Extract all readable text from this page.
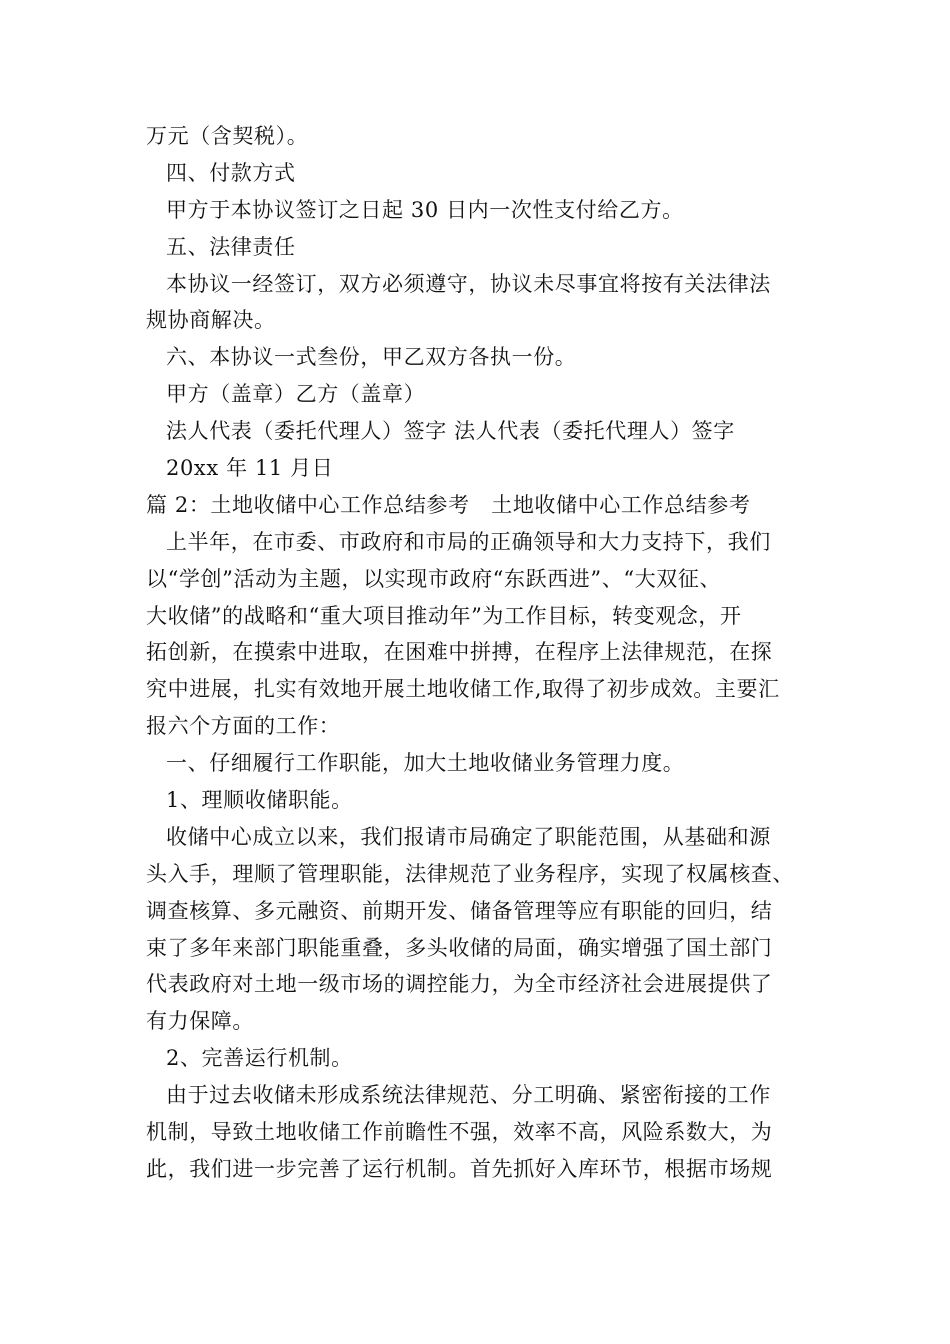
万元（含契税）。
四、付款方式
甲方于本协议签订之日起 30 日内一次性支付给乙方。
五、法律责任
本协议一经签订，双方必须遵守，协议未尽事宜将按有关法律法
规协商解决。
六、本协议一式叁份，甲乙双方各执一份。
甲方（盖章）乙方（盖章）
法人代表（委托代理人）签字 法人代表（委托代理人）签字
20xx 年 11 月日
篇 2：土地收储中心工作总结参考　土地收储中心工作总结参考
上半年，在市委、市政府和市局的正确领导和大力支持下，我们
以“学创”活动为主题，以实现市政府“东跃西进”、“大双征、
大收储”的战略和“重大项目推动年”为工作目标，转变观念，开
拓创新，在摸索中进取，在困难中拼搏，在程序上法律规范，在探
究中进展，扎实有效地开展土地收储工作,取得了初步成效。主要汇
报六个方面的工作：
一、仔细履行工作职能，加大土地收储业务管理力度。
1、理顺收储职能。
收储中心成立以来，我们报请市局确定了职能范围，从基础和源
头入手，理顺了管理职能，法律规范了业务程序，实现了权属核查、
调查核算、多元融资、前期开发、储备管理等应有职能的回归，结
束了多年来部门职能重叠，多头收储的局面，确实增强了国土部门
代表政府对土地一级市场的调控能力，为全市经济社会进展提供了
有力保障。
2、完善运行机制。
由于过去收储未形成系统法律规范、分工明确、紧密衔接的工作
机制，导致土地收储工作前瞻性不强，效率不高，风险系数大，为
此，我们进一步完善了运行机制。首先抓好入库环节，根据市场规
